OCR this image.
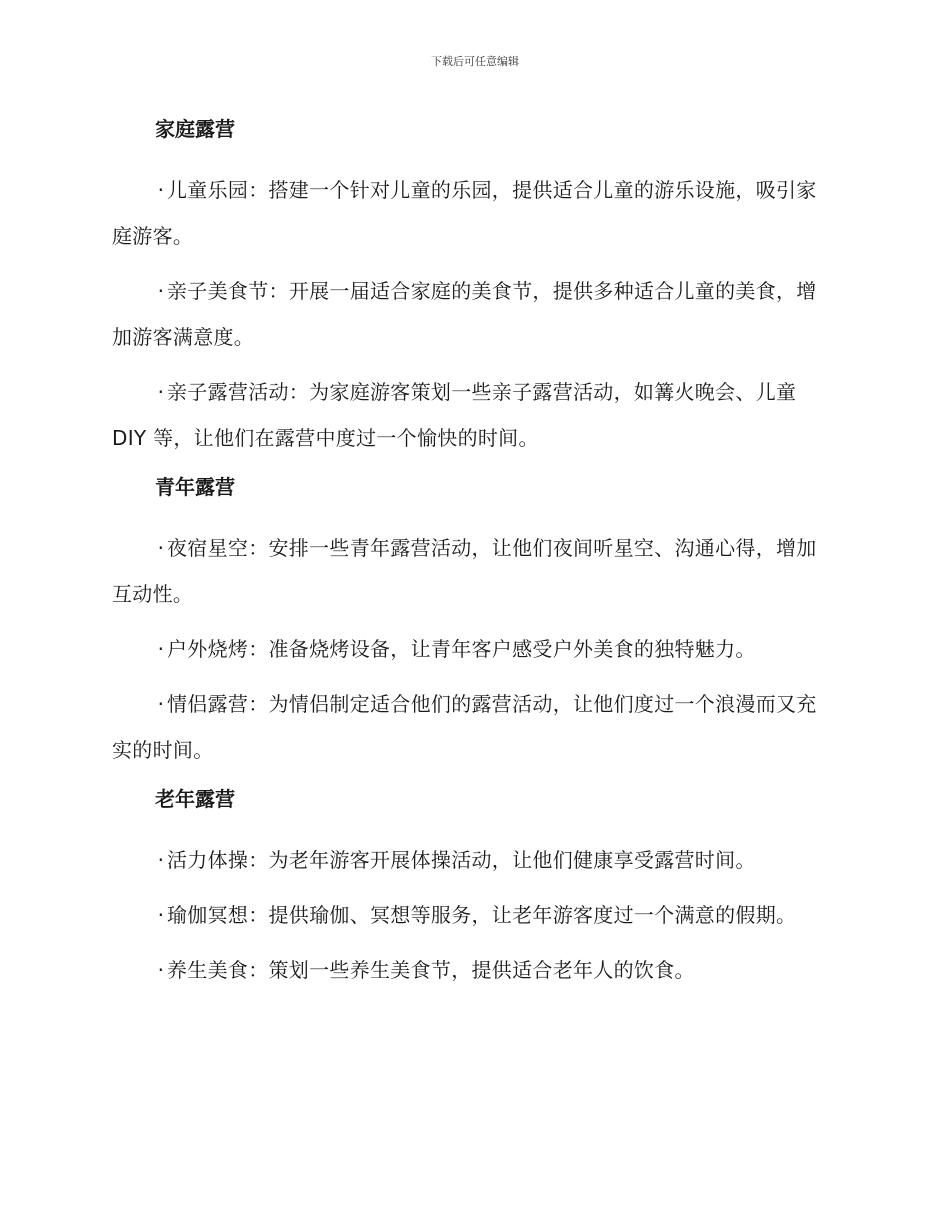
下载后可任意编辑
家庭露营

· 儿童乐园：搭建一个针对儿童的乐园，提供适合儿童的游乐设施，吸引家庭游客。

· 亲子美食节：开展一届适合家庭的美食节，提供多种适合儿童的美食，增加游客满意度。

· 亲子露营活动：为家庭游客策划一些亲子露营活动，如篝火晚会、儿童 DIY 等，让他们在露营中度过一个愉快的时间。

青年露营

· 夜宿星空：安排一些青年露营活动，让他们夜间听星空、沟通心得，增加互动性。

· 户外烧烤：准备烧烤设备，让青年客户感受户外美食的独特魅力。

· 情侣露营：为情侣制定适合他们的露营活动，让他们度过一个浪漫而又充实的时间。

老年露营

· 活力体操：为老年游客开展体操活动，让他们健康享受露营时间。

· 瑜伽冥想：提供瑜伽、冥想等服务，让老年游客度过一个满意的假期。

· 养生美食：策划一些养生美食节，提供适合老年人的饮食。
